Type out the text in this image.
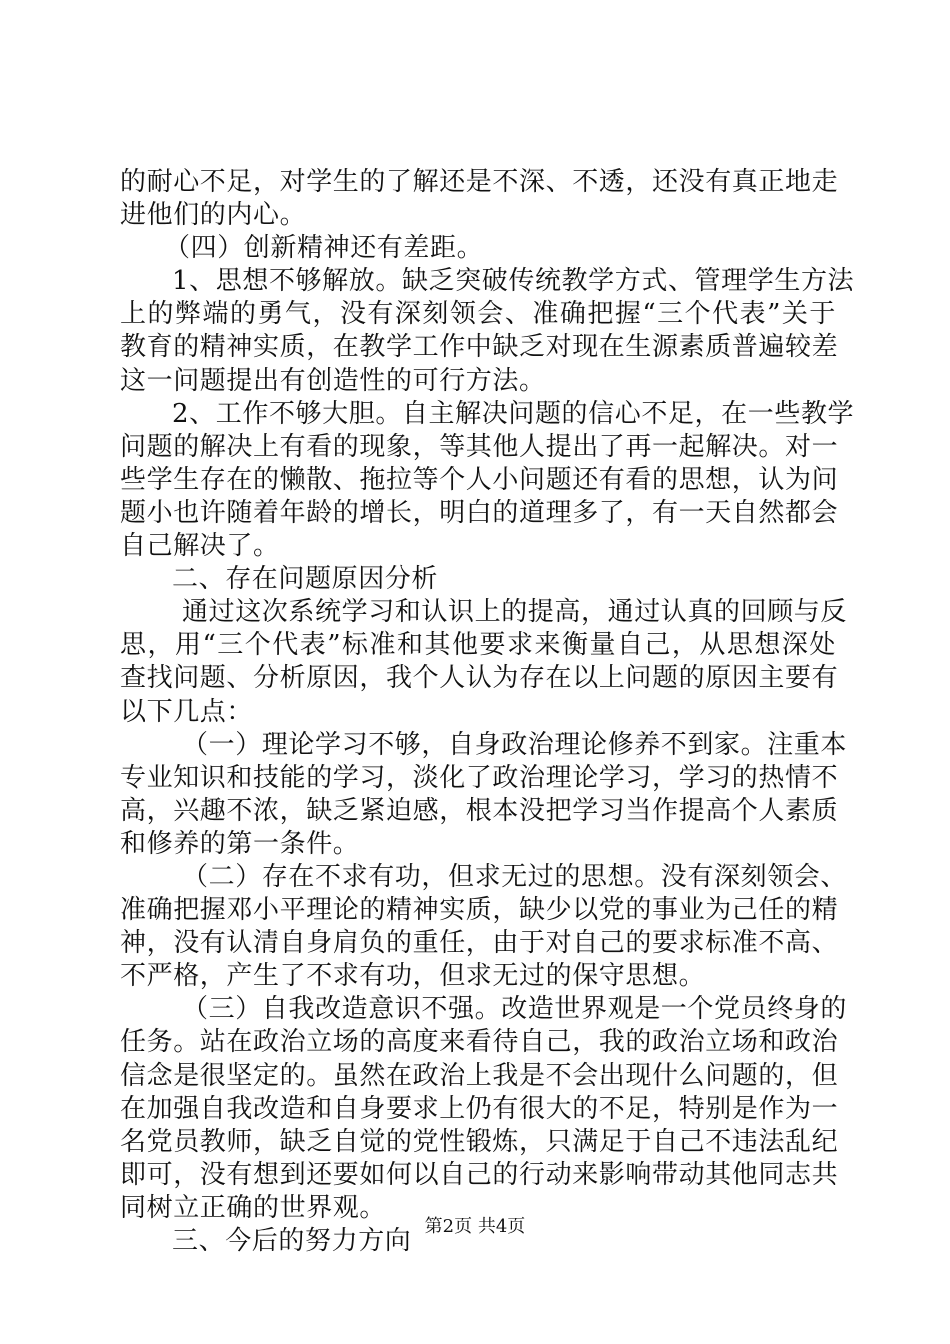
的耐心不足，对学生的了解还是不深、不透，还没有真正地走
进他们的内心。
（四）创新精神还有差距。
1、思想不够解放。缺乏突破传统教学方式、管理学生方法
上的弊端的勇气，没有深刻领会、准确把握“三个代表”关于
教育的精神实质，在教学工作中缺乏对现在生源素质普遍较差
这一问题提出有创造性的可行方法。
2、工作不够大胆。自主解决问题的信心不足，在一些教学
问题的解决上有看的现象，等其他人提出了再一起解决。对一
些学生存在的懒散、拖拉等个人小问题还有看的思想，认为问
题小也许随着年龄的增长，明白的道理多了，有一天自然都会
自己解决了。
二、存在问题原因分析
通过这次系统学习和认识上的提高，通过认真的回顾与反
思，用“三个代表”标准和其他要求来衡量自己，从思想深处
查找问题、分析原因，我个人认为存在以上问题的原因主要有
以下几点：
（一）理论学习不够，自身政治理论修养不到家。注重本
专业知识和技能的学习，淡化了政治理论学习，学习的热情不
高，兴趣不浓，缺乏紧迫感，根本没把学习当作提高个人素质
和修养的第一条件。
（二）存在不求有功，但求无过的思想。没有深刻领会、
准确把握邓小平理论的精神实质，缺少以党的事业为己任的精
神，没有认清自身肩负的重任，由于对自己的要求标准不高、
不严格，产生了不求有功，但求无过的保守思想。
（三）自我改造意识不强。改造世界观是一个党员终身的
任务。站在政治立场的高度来看待自己，我的政治立场和政治
信念是很坚定的。虽然在政治上我是不会出现什么问题的，但
在加强自我改造和自身要求上仍有很大的不足，特别是作为一
名党员教师，缺乏自觉的党性锻炼，只满足于自己不违法乱纪
即可，没有想到还要如何以自己的行动来影响带动其他同志共
同树立正确的世界观。
三、今后的努力方向 第2页 共4页
